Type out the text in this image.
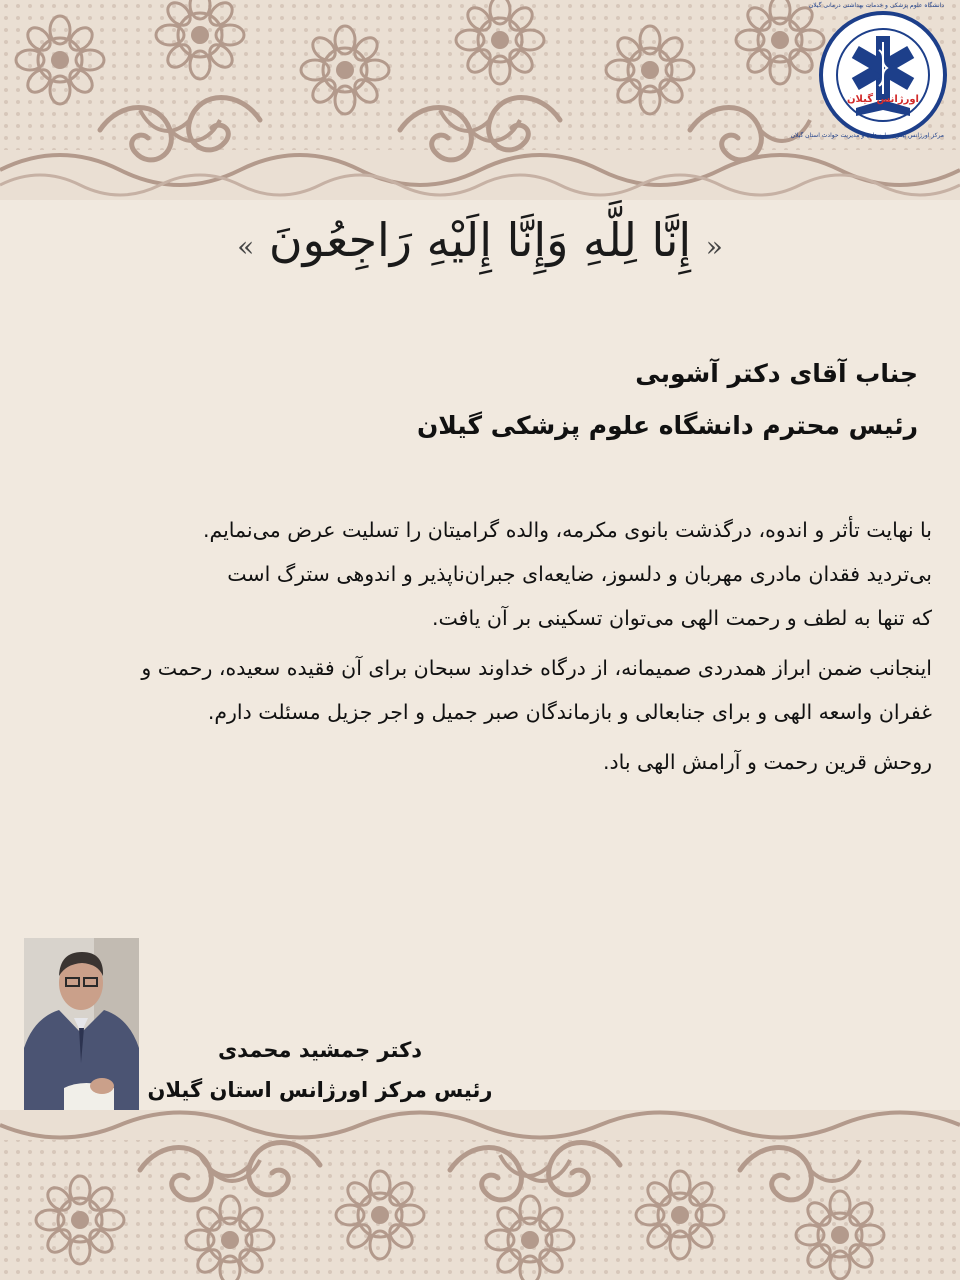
اورژانس گیلان
دانشگاه علوم پزشکی و خدمات بهداشتی درمانی گیلان
مرکز اورژانس پیش بیمارستانی و مدیریت حوادث استان گیلان
« إِنَّا لِلَّهِ وَإِنَّا إِلَيْهِ رَاجِعُونَ »
جناب آقای دکتر آشوبی
رئیس محترم دانشگاه علوم پزشکی گیلان
با نهایت تأثر و اندوه، درگذشت بانوی مکرمه، والده گرامیتان را تسلیت عرض می‌نمایم.
بی‌تردید فقدان مادری مهربان و دلسوز، ضایعه‌ای جبران‌ناپذیر و اندوهی سترگ است
که تنها به لطف و رحمت الهی می‌توان تسکینی بر آن یافت.
اینجانب ضمن ابراز همدردی صمیمانه، از درگاه خداوند سبحان برای آن فقیده سعیده، رحمت و
غفران واسعه الهی و برای جنابعالی و بازماندگان صبر جمیل و اجر جزیل مسئلت دارم.
روحش قرین رحمت و آرامش الهی باد.
دکتر جمشید محمدی
رئیس مرکز اورژانس استان گیلان
